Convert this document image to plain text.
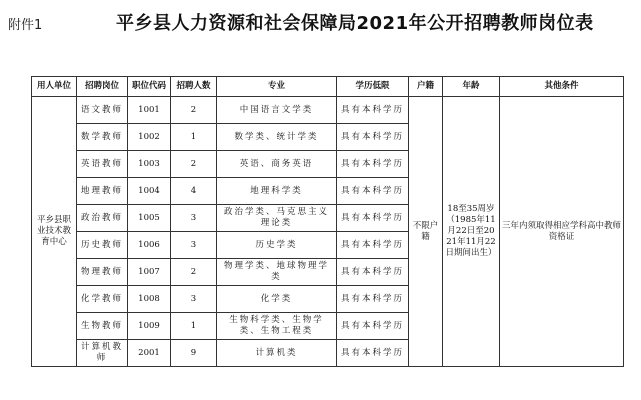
附件1	平乡县人力资源和社会保障局2021年公开招聘教师岗位表
用人单位	招聘岗位	职位代码	招聘人数	专业	学历低限	户籍	年龄	其他条件
平乡县职业技术教育中心	语文教师	1001	2	中国语言文学类	具有本科学历	不限户籍	18至35周岁（1985年11月22日至2021年11月22日期间出生）	三年内须取得相应学科高中教师资格证
	数学教师	1002	1	数学类、统计学类	具有本科学历			
	英语教师	1003	2	英语、商务英语	具有本科学历			
	地理教师	1004	4	地理科学类	具有本科学历			
	政治教师	1005	3	政治学类、马克思主义理论类	具有本科学历			
	历史教师	1006	3	历史学类	具有本科学历			
	物理教师	1007	2	物理学类、地球物理学类	具有本科学历			
	化学教师	1008	3	化学类	具有本科学历			
	生物教师	1009	1	生物科学类、生物学类、生物工程类	具有本科学历			
	计算机教师	2001	9	计算机类	具有本科学历			
